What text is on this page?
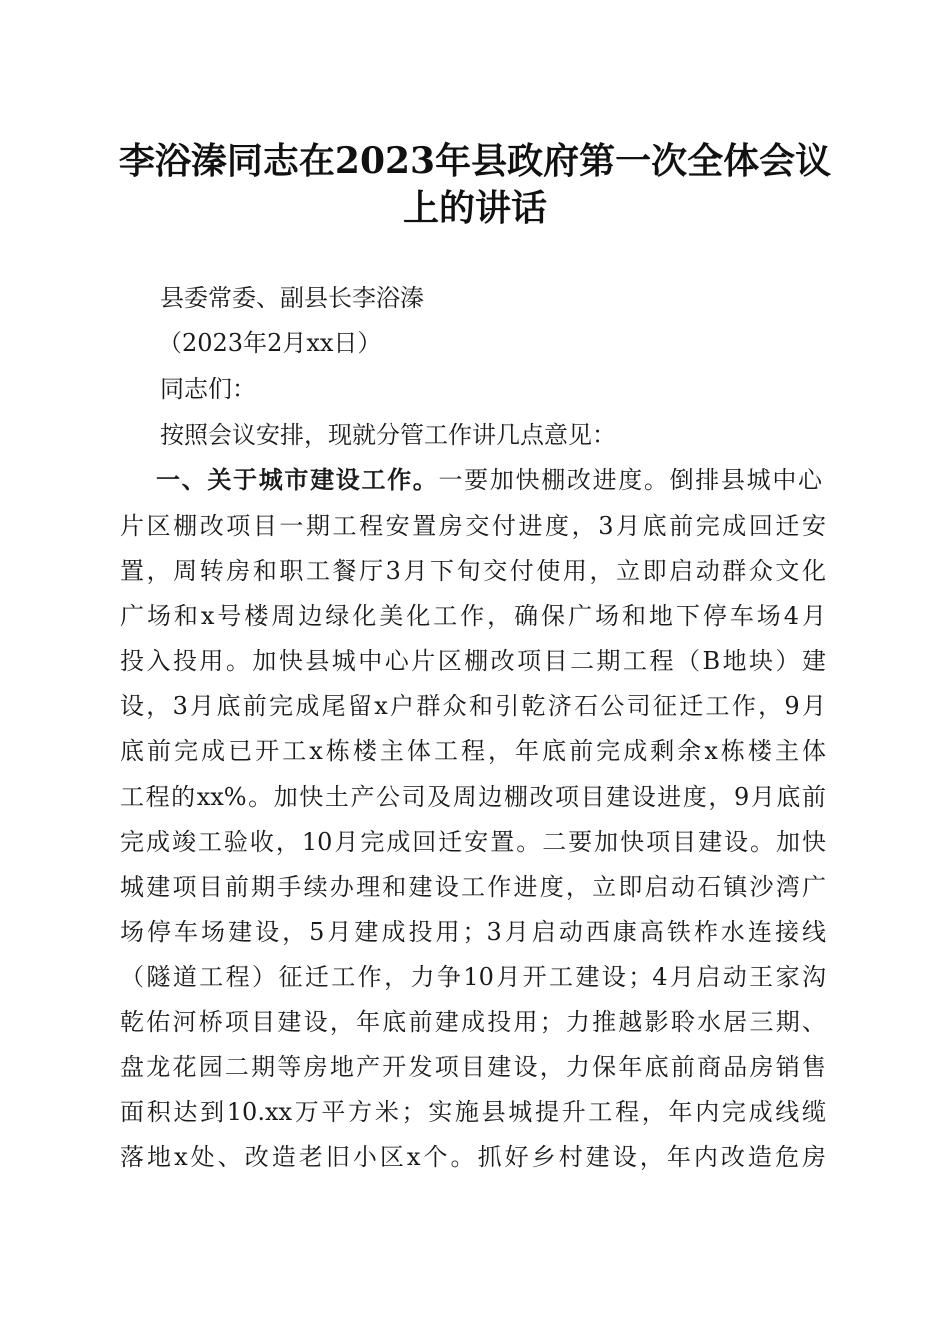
李浴溱同志在2023年县政府第一次全体会议
上的讲话
县委常委、副县长李浴溱
（2023年2月xx日）
同志们：
按照会议安排，现就分管工作讲几点意见：
一、关于城市建设工作。一要加快棚改进度。倒排县城中心
片区棚改项目一期工程安置房交付进度，3月底前完成回迁安
置，周转房和职工餐厅3月下旬交付使用，立即启动群众文化
广场和x号楼周边绿化美化工作，确保广场和地下停车场4月
投入投用。加快县城中心片区棚改项目二期工程（B地块）建
设，3月底前完成尾留x户群众和引乾济石公司征迁工作，9月
底前完成已开工x栋楼主体工程，年底前完成剩余x栋楼主体
工程的xx%。加快土产公司及周边棚改项目建设进度，9月底前
完成竣工验收，10月完成回迁安置。二要加快项目建设。加快
城建项目前期手续办理和建设工作进度，立即启动石镇沙湾广
场停车场建设，5月建成投用；3月启动西康高铁柞水连接线
（隧道工程）征迁工作，力争10月开工建设；4月启动王家沟
乾佑河桥项目建设，年底前建成投用；力推越影聆水居三期、
盘龙花园二期等房地产开发项目建设，力保年底前商品房销售
面积达到10.xx万平方米；实施县城提升工程，年内完成线缆
落地x处、改造老旧小区x个。抓好乡村建设，年内改造危房
